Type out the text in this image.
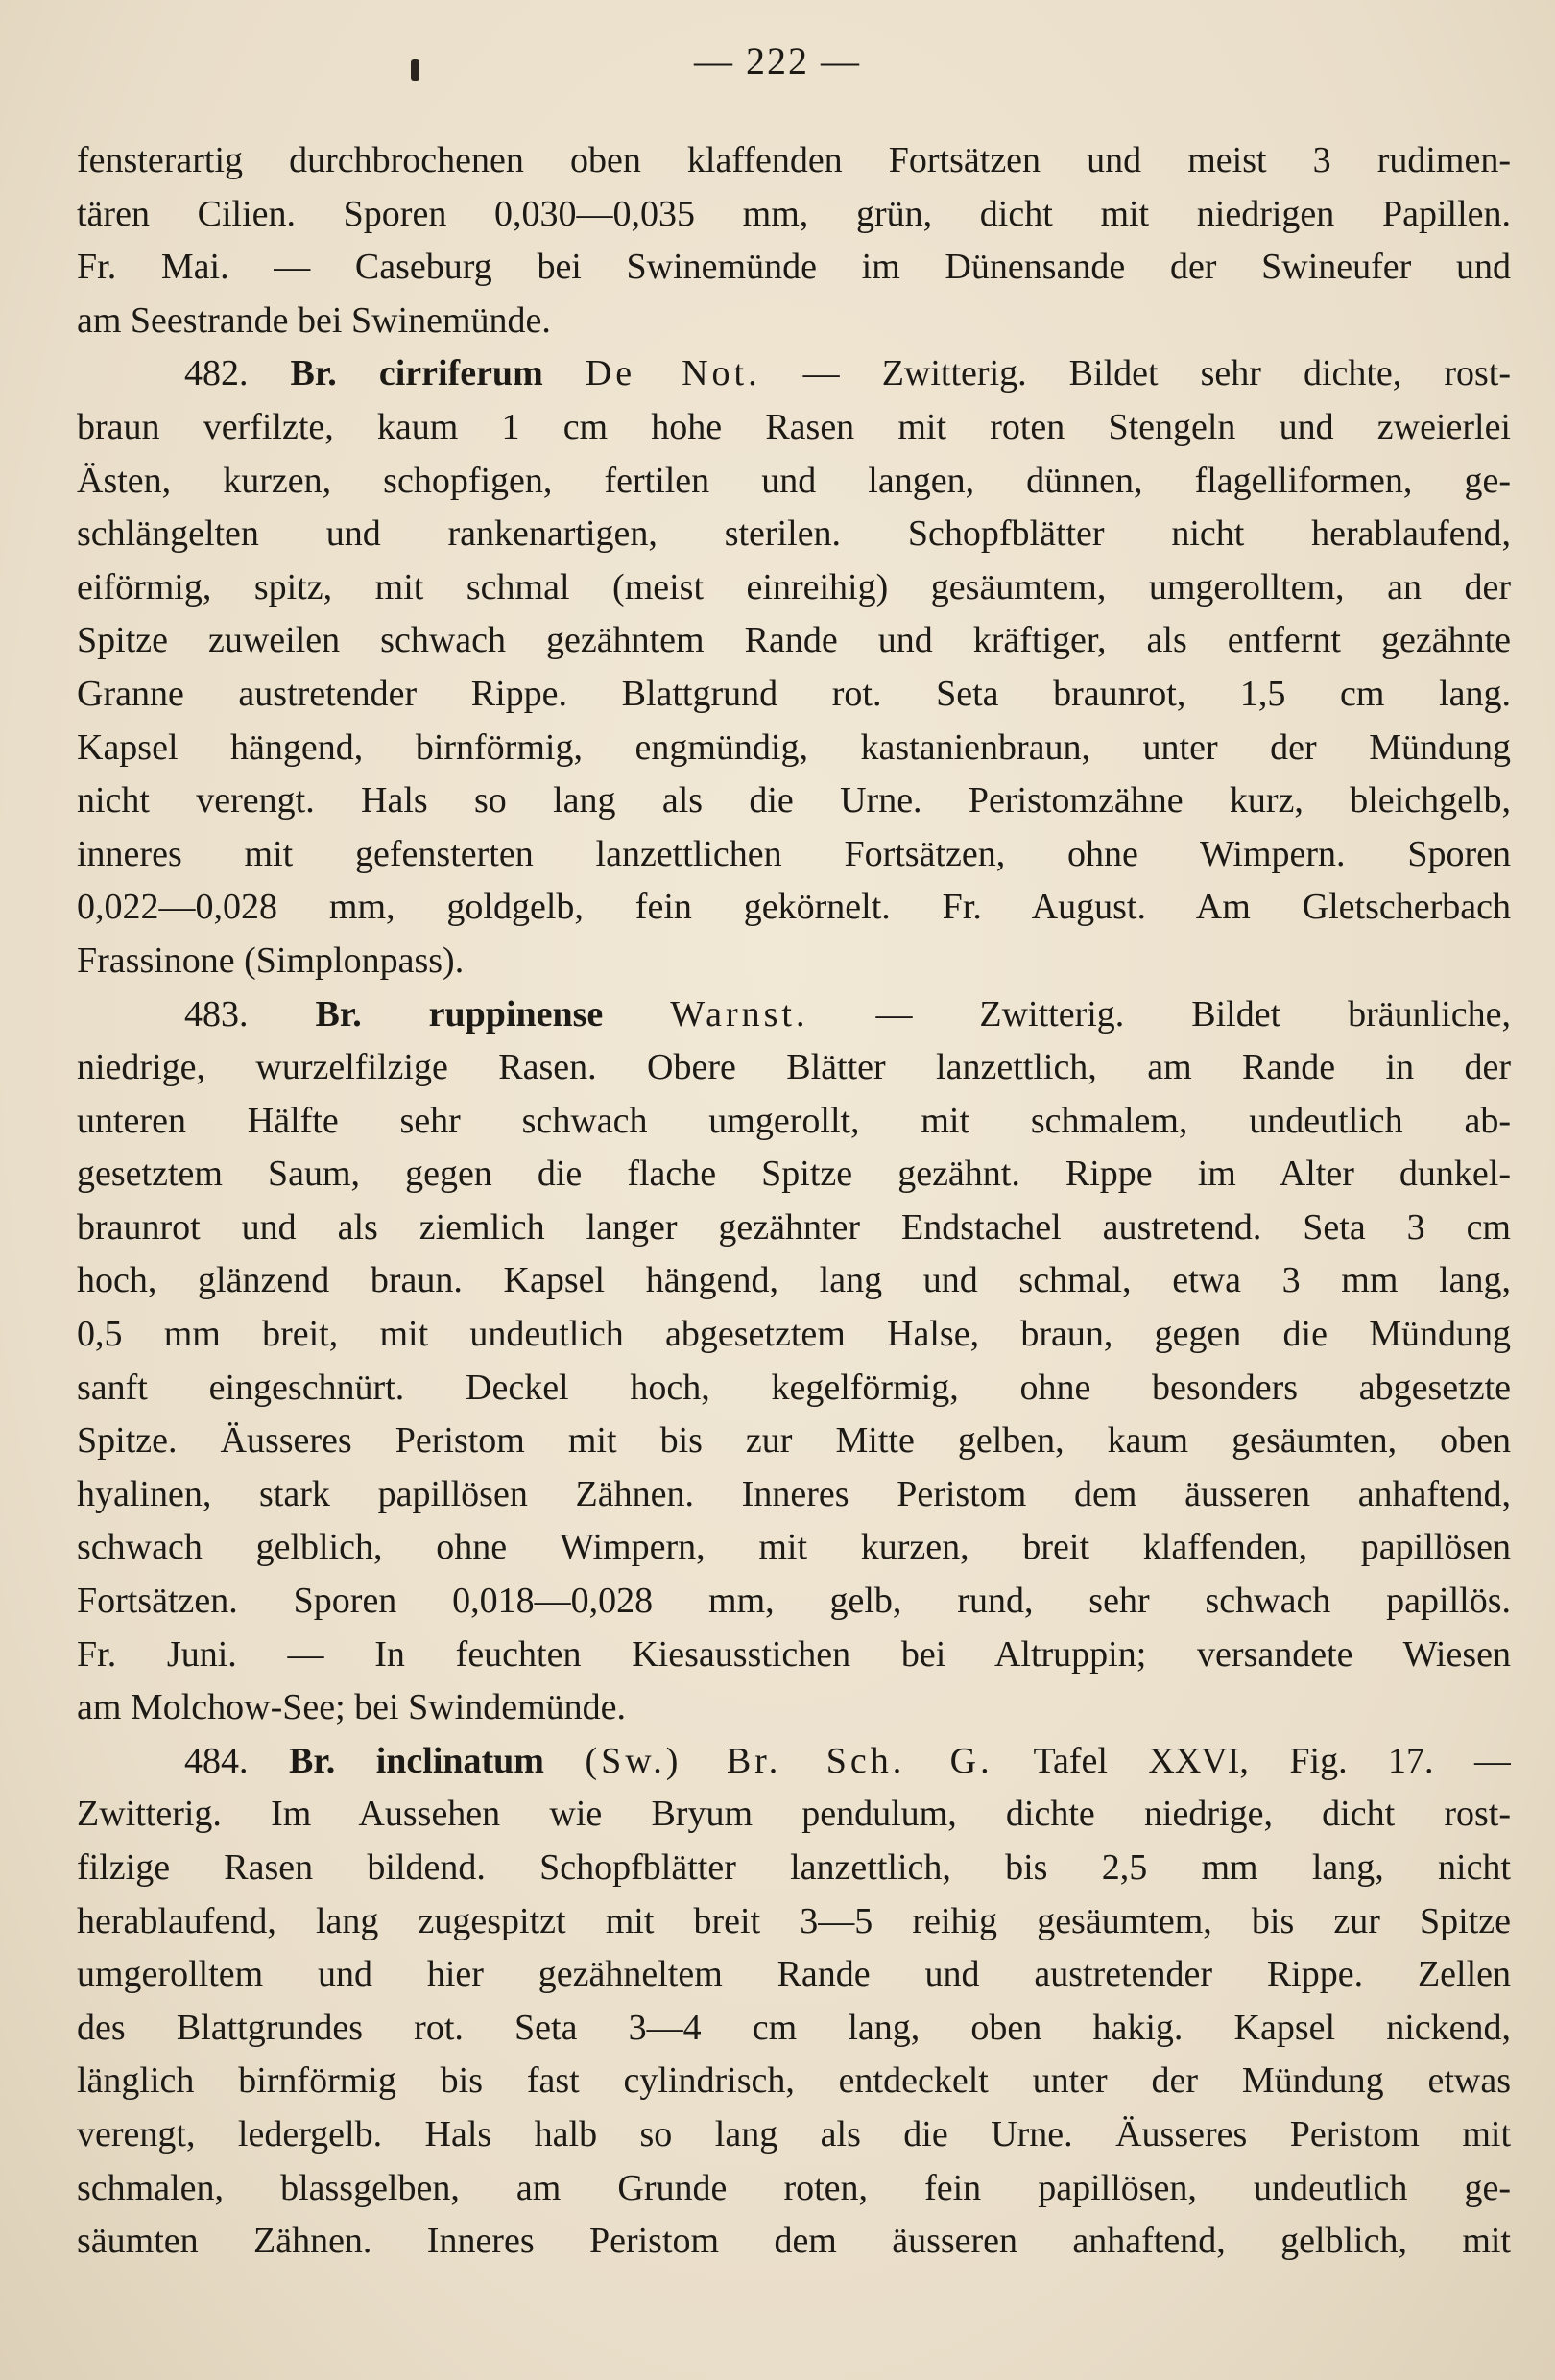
— 222 —
fensterartig durchbrochenen oben klaffenden Fortsätzen und meist 3 rudimen-
tären Cilien. Sporen 0,030—0,035 mm, grün, dicht mit niedrigen Papillen.
Fr. Mai. — Caseburg bei Swinemünde im Dünensande der Swineufer und
am Seestrande bei Swinemünde.
482. Br. cirriferum De Not. — Zwitterig. Bildet sehr dichte, rost-
braun verfilzte, kaum 1 cm hohe Rasen mit roten Stengeln und zweierlei
Ästen, kurzen, schopfigen, fertilen und langen, dünnen, flagelliformen, ge-
schlängelten und rankenartigen, sterilen. Schopfblätter nicht herablaufend,
eiförmig, spitz, mit schmal (meist einreihig) gesäumtem, umgerolltem, an der
Spitze zuweilen schwach gezähntem Rande und kräftiger, als entfernt gezähnte
Granne austretender Rippe. Blattgrund rot. Seta braunrot, 1,5 cm lang.
Kapsel hängend, birnförmig, engmündig, kastanienbraun, unter der Mündung
nicht verengt. Hals so lang als die Urne. Peristomzähne kurz, bleichgelb,
inneres mit gefensterten lanzettlichen Fortsätzen, ohne Wimpern. Sporen
0,022—0,028 mm, goldgelb, fein gekörnelt. Fr. August. Am Gletscherbach
Frassinone (Simplonpass).
483. Br. ruppinense Warnst. — Zwitterig. Bildet bräunliche,
niedrige, wurzelfilzige Rasen. Obere Blätter lanzettlich, am Rande in der
unteren Hälfte sehr schwach umgerollt, mit schmalem, undeutlich ab-
gesetztem Saum, gegen die flache Spitze gezähnt. Rippe im Alter dunkel-
braunrot und als ziemlich langer gezähnter Endstachel austretend. Seta 3 cm
hoch, glänzend braun. Kapsel hängend, lang und schmal, etwa 3 mm lang,
0,5 mm breit, mit undeutlich abgesetztem Halse, braun, gegen die Mündung
sanft eingeschnürt. Deckel hoch, kegelförmig, ohne besonders abgesetzte
Spitze. Äusseres Peristom mit bis zur Mitte gelben, kaum gesäumten, oben
hyalinen, stark papillösen Zähnen. Inneres Peristom dem äusseren anhaftend,
schwach gelblich, ohne Wimpern, mit kurzen, breit klaffenden, papillösen
Fortsätzen. Sporen 0,018—0,028 mm, gelb, rund, sehr schwach papillös.
Fr. Juni. — In feuchten Kiesausstichen bei Altruppin; versandete Wiesen
am Molchow-See; bei Swindemünde.
484. Br. inclinatum (Sw.) Br. Sch. G. Tafel XXVI, Fig. 17. —
Zwitterig. Im Aussehen wie Bryum pendulum, dichte niedrige, dicht rost-
filzige Rasen bildend. Schopfblätter lanzettlich, bis 2,5 mm lang, nicht
herablaufend, lang zugespitzt mit breit 3—5 reihig gesäumtem, bis zur Spitze
umgerolltem und hier gezähneltem Rande und austretender Rippe. Zellen
des Blattgrundes rot. Seta 3—4 cm lang, oben hakig. Kapsel nickend,
länglich birnförmig bis fast cylindrisch, entdeckelt unter der Mündung etwas
verengt, ledergelb. Hals halb so lang als die Urne. Äusseres Peristom mit
schmalen, blassgelben, am Grunde roten, fein papillösen, undeutlich ge-
säumten Zähnen. Inneres Peristom dem äusseren anhaftend, gelblich, mit
